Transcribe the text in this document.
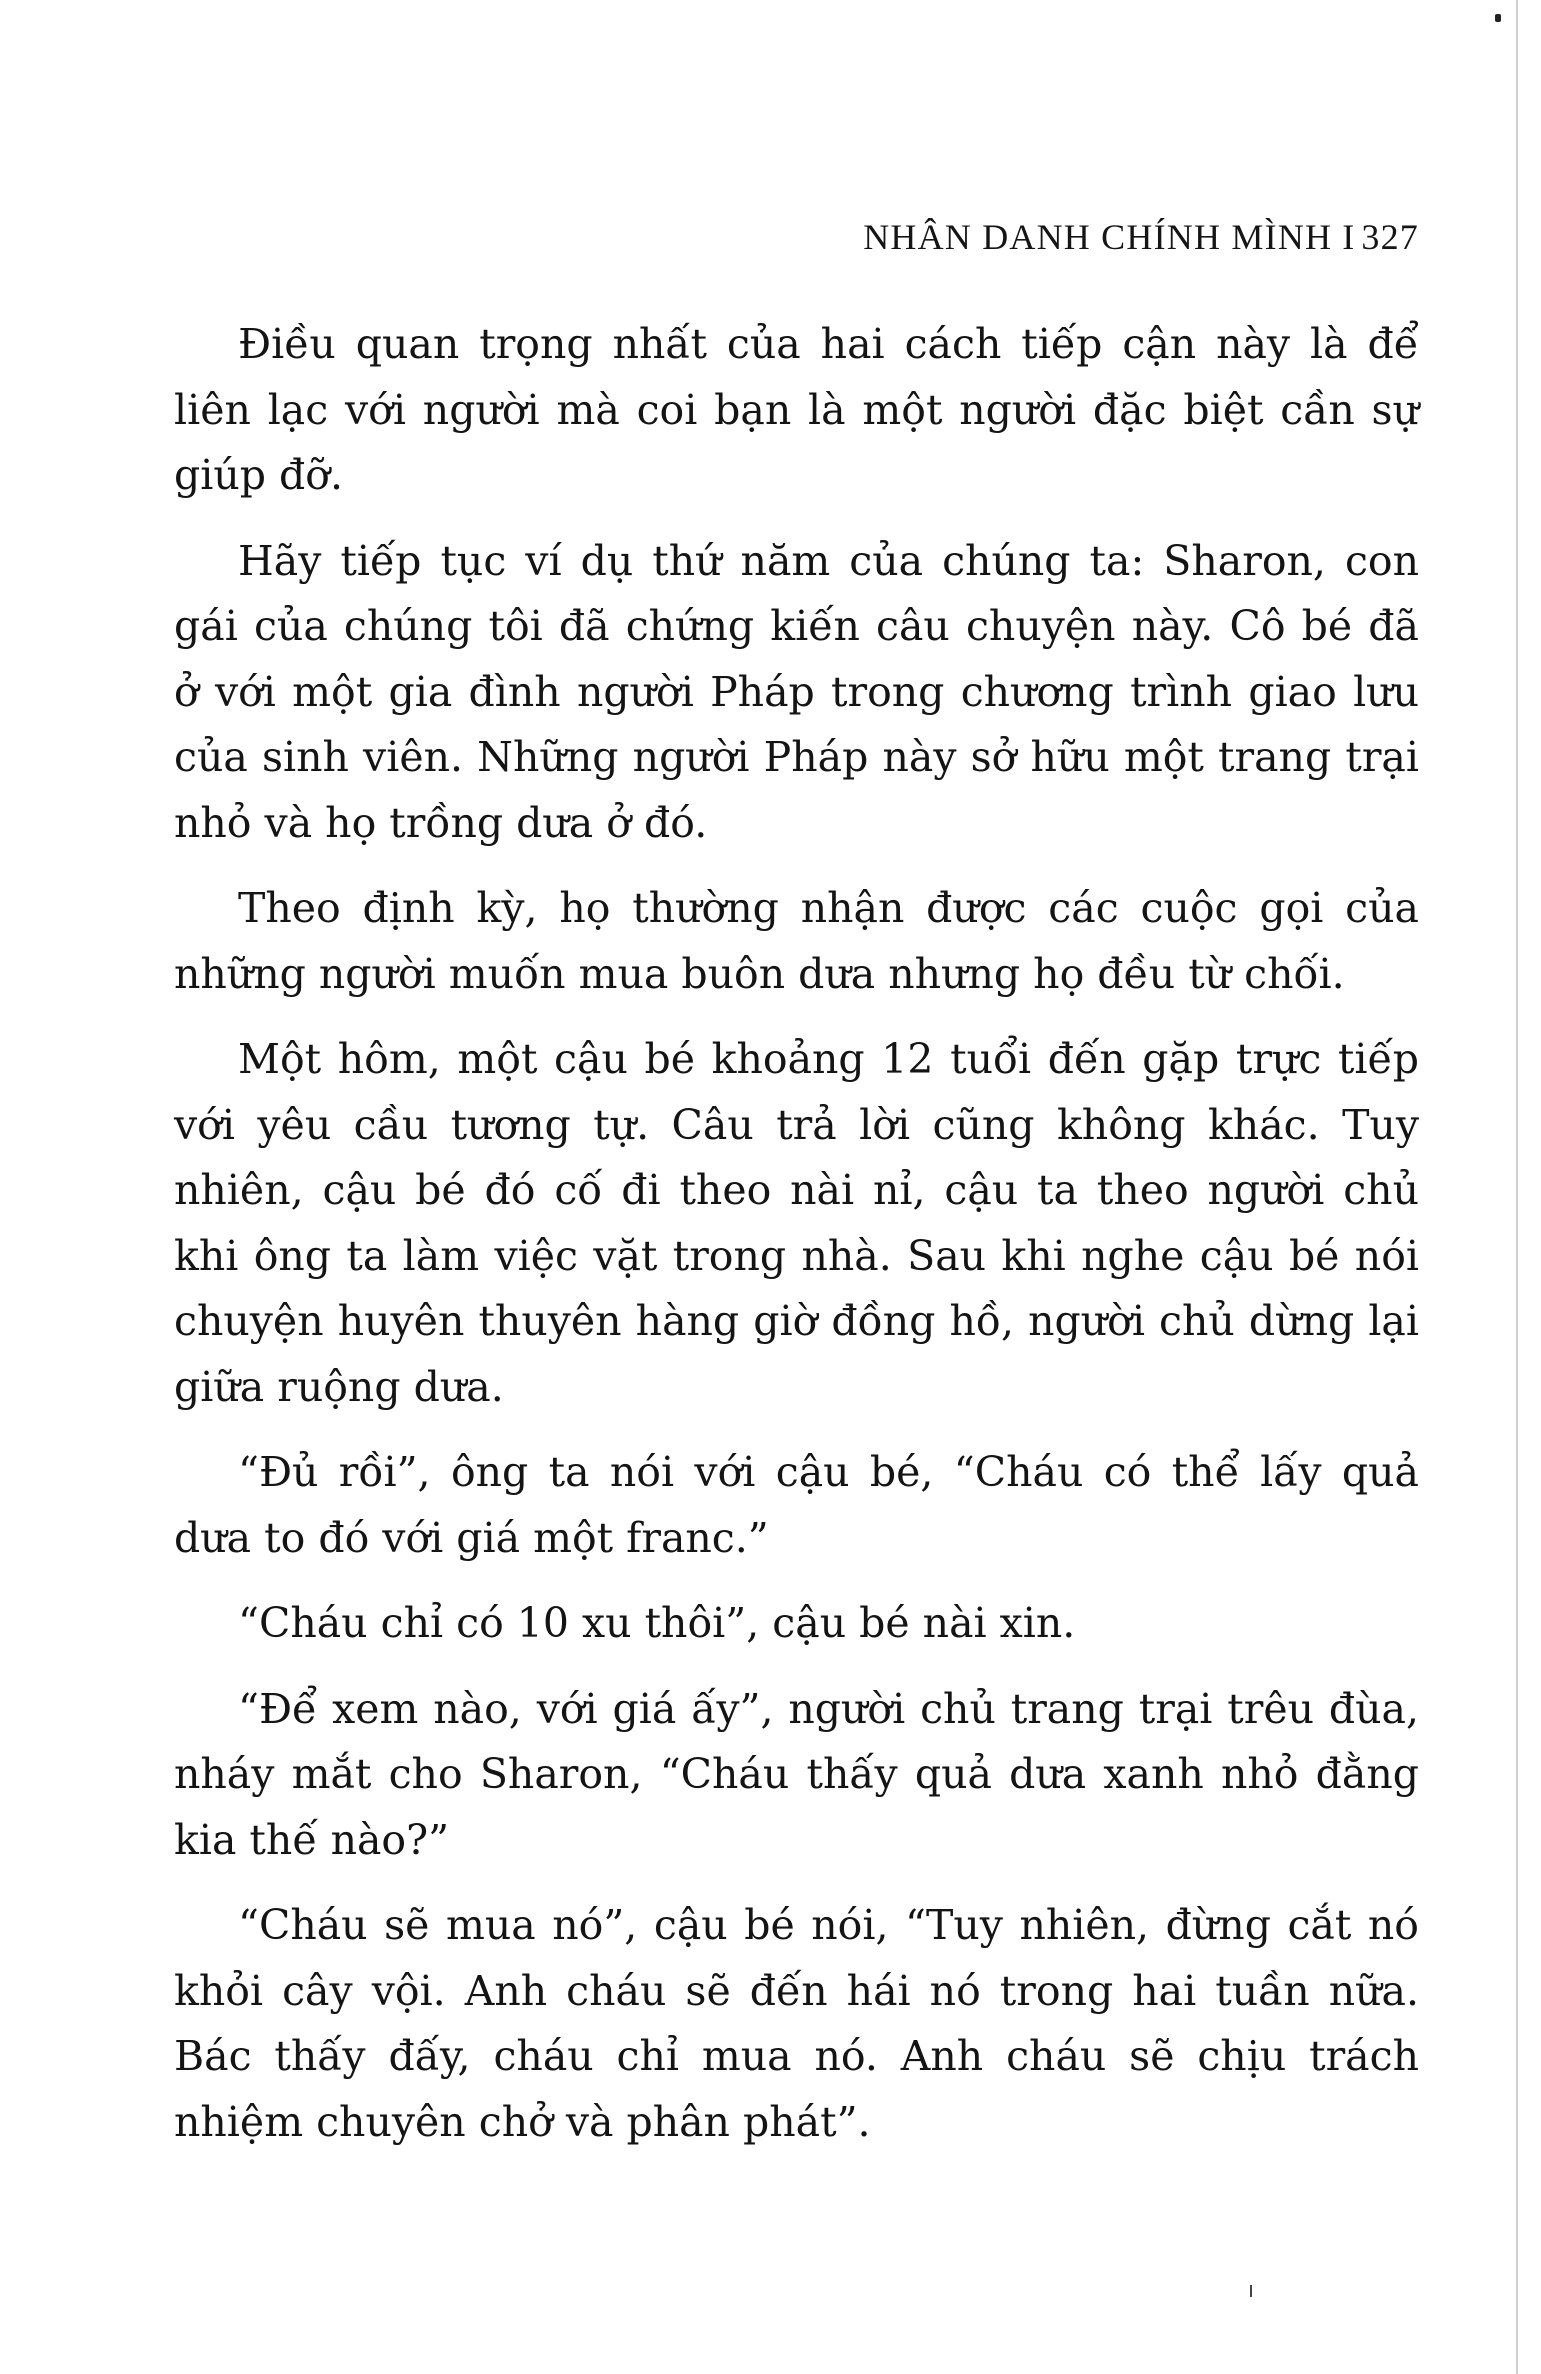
NHÂN DANH CHÍNH MÌNH I 327

Điều quan trọng nhất của hai cách tiếp cận này là để liên lạc với người mà coi bạn là một người đặc biệt cần sự giúp đỡ.

Hãy tiếp tục ví dụ thứ năm của chúng ta: Sharon, con gái của chúng tôi đã chứng kiến câu chuyện này. Cô bé đã ở với một gia đình người Pháp trong chương trình giao lưu của sinh viên. Những người Pháp này sở hữu một trang trại nhỏ và họ trồng dưa ở đó.

Theo định kỳ, họ thường nhận được các cuộc gọi của những người muốn mua buôn dưa nhưng họ đều từ chối.

Một hôm, một cậu bé khoảng 12 tuổi đến gặp trực tiếp với yêu cầu tương tự. Câu trả lời cũng không khác. Tuy nhiên, cậu bé đó cố đi theo nài nỉ, cậu ta theo người chủ khi ông ta làm việc vặt trong nhà. Sau khi nghe cậu bé nói chuyện huyên thuyên hàng giờ đồng hồ, người chủ dừng lại giữa ruộng dưa.

“Đủ rồi”, ông ta nói với cậu bé, “Cháu có thể lấy quả dưa to đó với giá một franc.”

“Cháu chỉ có 10 xu thôi”, cậu bé nài xin.

“Để xem nào, với giá ấy”, người chủ trang trại trêu đùa, nháy mắt cho Sharon, “Cháu thấy quả dưa xanh nhỏ đằng kia thế nào?”

“Cháu sẽ mua nó”, cậu bé nói, “Tuy nhiên, đừng cắt nó khỏi cây vội. Anh cháu sẽ đến hái nó trong hai tuần nữa. Bác thấy đấy, cháu chỉ mua nó. Anh cháu sẽ chịu trách nhiệm chuyên chở và phân phát”.
